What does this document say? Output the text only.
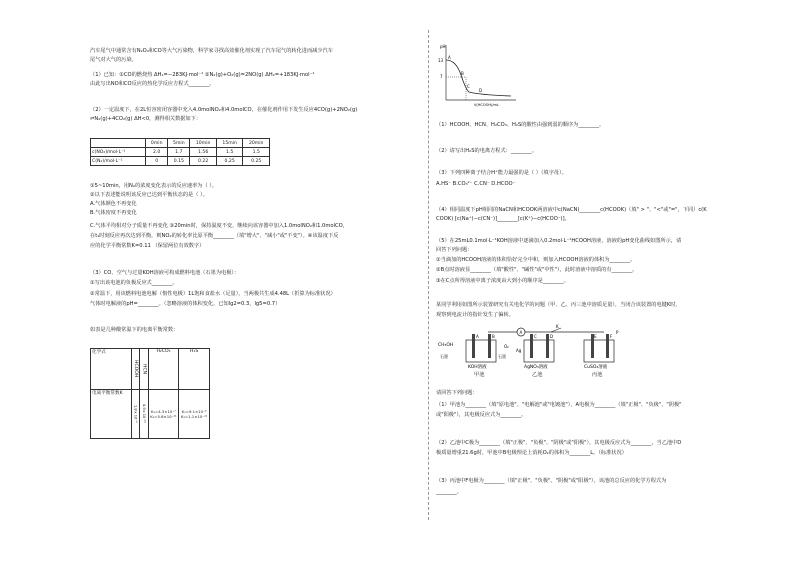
汽车尾气中通常含有N₂O₄和CO等大气污染物，科学家寻找高效催化剂实现了汽车尾气的转化进而减少汽车

尾气对大气的污染。

（1）已知：①CO的燃烧热 ΔH₁=−283KJ·mol⁻¹ ②N₂(g)+O₂(g)=2NO(g) ΔH₂=+183KJ·mol⁻¹

由此写出NO和CO反应的热化学反应方程式________。

（2）一定温度下，在2L恒容密闭容器中充入4.0molNO₂和4.0molCO，在催化剂作用下发生反应4CO(g)+2NO₂(g)

⇌N₂(g)+4CO₂(g) ΔH<0，测得相关数据如下：

	0min	5min	10min	15min	20min
c(NO₂)/mol·L⁻¹	2.0	1.7	1.56	1.5	1.5
C(N₂)/mol·L⁻¹	0	0.15	0.22	0.25	0.25

①5~10min，用N₂的浓度变化表示的反应速率为（ ）。

②以下表述能说明该反应已达到平衡状态的是（ ）。

A.气体颜色不再变化

B.气体密度不再变化

C.气体平均相对分子质量不再变化 ③20min时，保持温度不变，继续向该容器中加入1.0molNO₂和1.0molCO，

在t₁时刻反应再次达到平衡，则NO₂的转化率比原平衡________（填"增大"、"减小"或"不变"）。④该温度下反

应的化学平衡常数K=0.11 （保留两位有效数字）

（3）CO、空气与过量KOH溶液可构成燃料电池（石墨为电极）：

①写出该电池的负极反应式________。

②常温下，用该燃料电池电解（惰性电极）1L饱和食盐水（足量），当两极共生成4.48L（折算为标准状况）

气体时电解液的pH=________。（忽略溶液的体积变化，已知lg2=0.3，lg5=0.7）

如表是几种酸常温下的电离平衡常数：

化学式	HCOOH	HCN	H₂CO₃	H₂S
电离平衡常数K	1.8×10⁻⁴	4.9×10⁻¹⁰	K₁=4.3×10⁻⁷ K₂=5.6×10⁻¹¹	K₁=9.1×10⁻⁸ K₂=1.1×10⁻¹²
pH
13
7
A
B
C
D
V(HCOOH)/mL

（1）HCOOH、HCN、H₂CO₃、H₂S的酸性由强到弱的顺序为________。

（2）请写出H₂S的电离方程式：________。

（3）下列四种离子结合H⁺能力最强的是（ ）（填字母）。

A.HS⁻ B.CO₃²⁻ C.CN⁻ D.HCOO⁻

（4）相同温度下pH相同的NaCN和HCOOK两溶液中c(NaCN)________c(HCOOK)（填" > "、"<"或"="，下同）c(K

COOK) [c(Na⁺)−c(CN⁻)]________[c(K⁺)−c(HCOO⁻)]。

（5）在25mL0.1mol·L⁻¹KOH溶液中逐滴加入0.2mol·L⁻¹HCOOH溶液，溶液的pH变化曲线如图所示，请

回答下列问题：

①当滴加的HCOOH溶液的体积恰好完全中和，则加入HCOOH溶液的体积为________。

②B点时溶液显________（填"酸性"、"碱性"或"中性"），此时溶液中溶质的有________。

③在C点所得溶液中离子浓度由大到小的顺序是________。

某同学利用如图所示装置研究有关电化学的问题（甲、乙、丙三池中溶质足量），当闭合该装置的电键K时，

观察到电流计的指针发生了偏转。

A
K
CH₃OH	O₂
A	B
石墨	石墨
Ag
C	D	E	F
P
KOH溶液	AgNO₃溶液	CuSO₄溶液

甲池	乙池	丙池

请回答下列问题：

（1）甲池为________（填"原电池"、"电解池"或"电镀池"），A电极为________（填"正极"、"负极"、"阴极"

或"阳极"），其电极反应式为________。

（2）乙池中C极为________（填"正极"、"负极"、"阴极"或"阳极"），其电极反应式为________，当乙池中D

极质量增重21.6g时，甲池中B电极理论上消耗O₂的体积为________L。（标准状况）

（3）丙池中F电极为________（填"正极"、"负极"、"阴极"或"阳极"），该池的总反应的化学方程式为

________。
